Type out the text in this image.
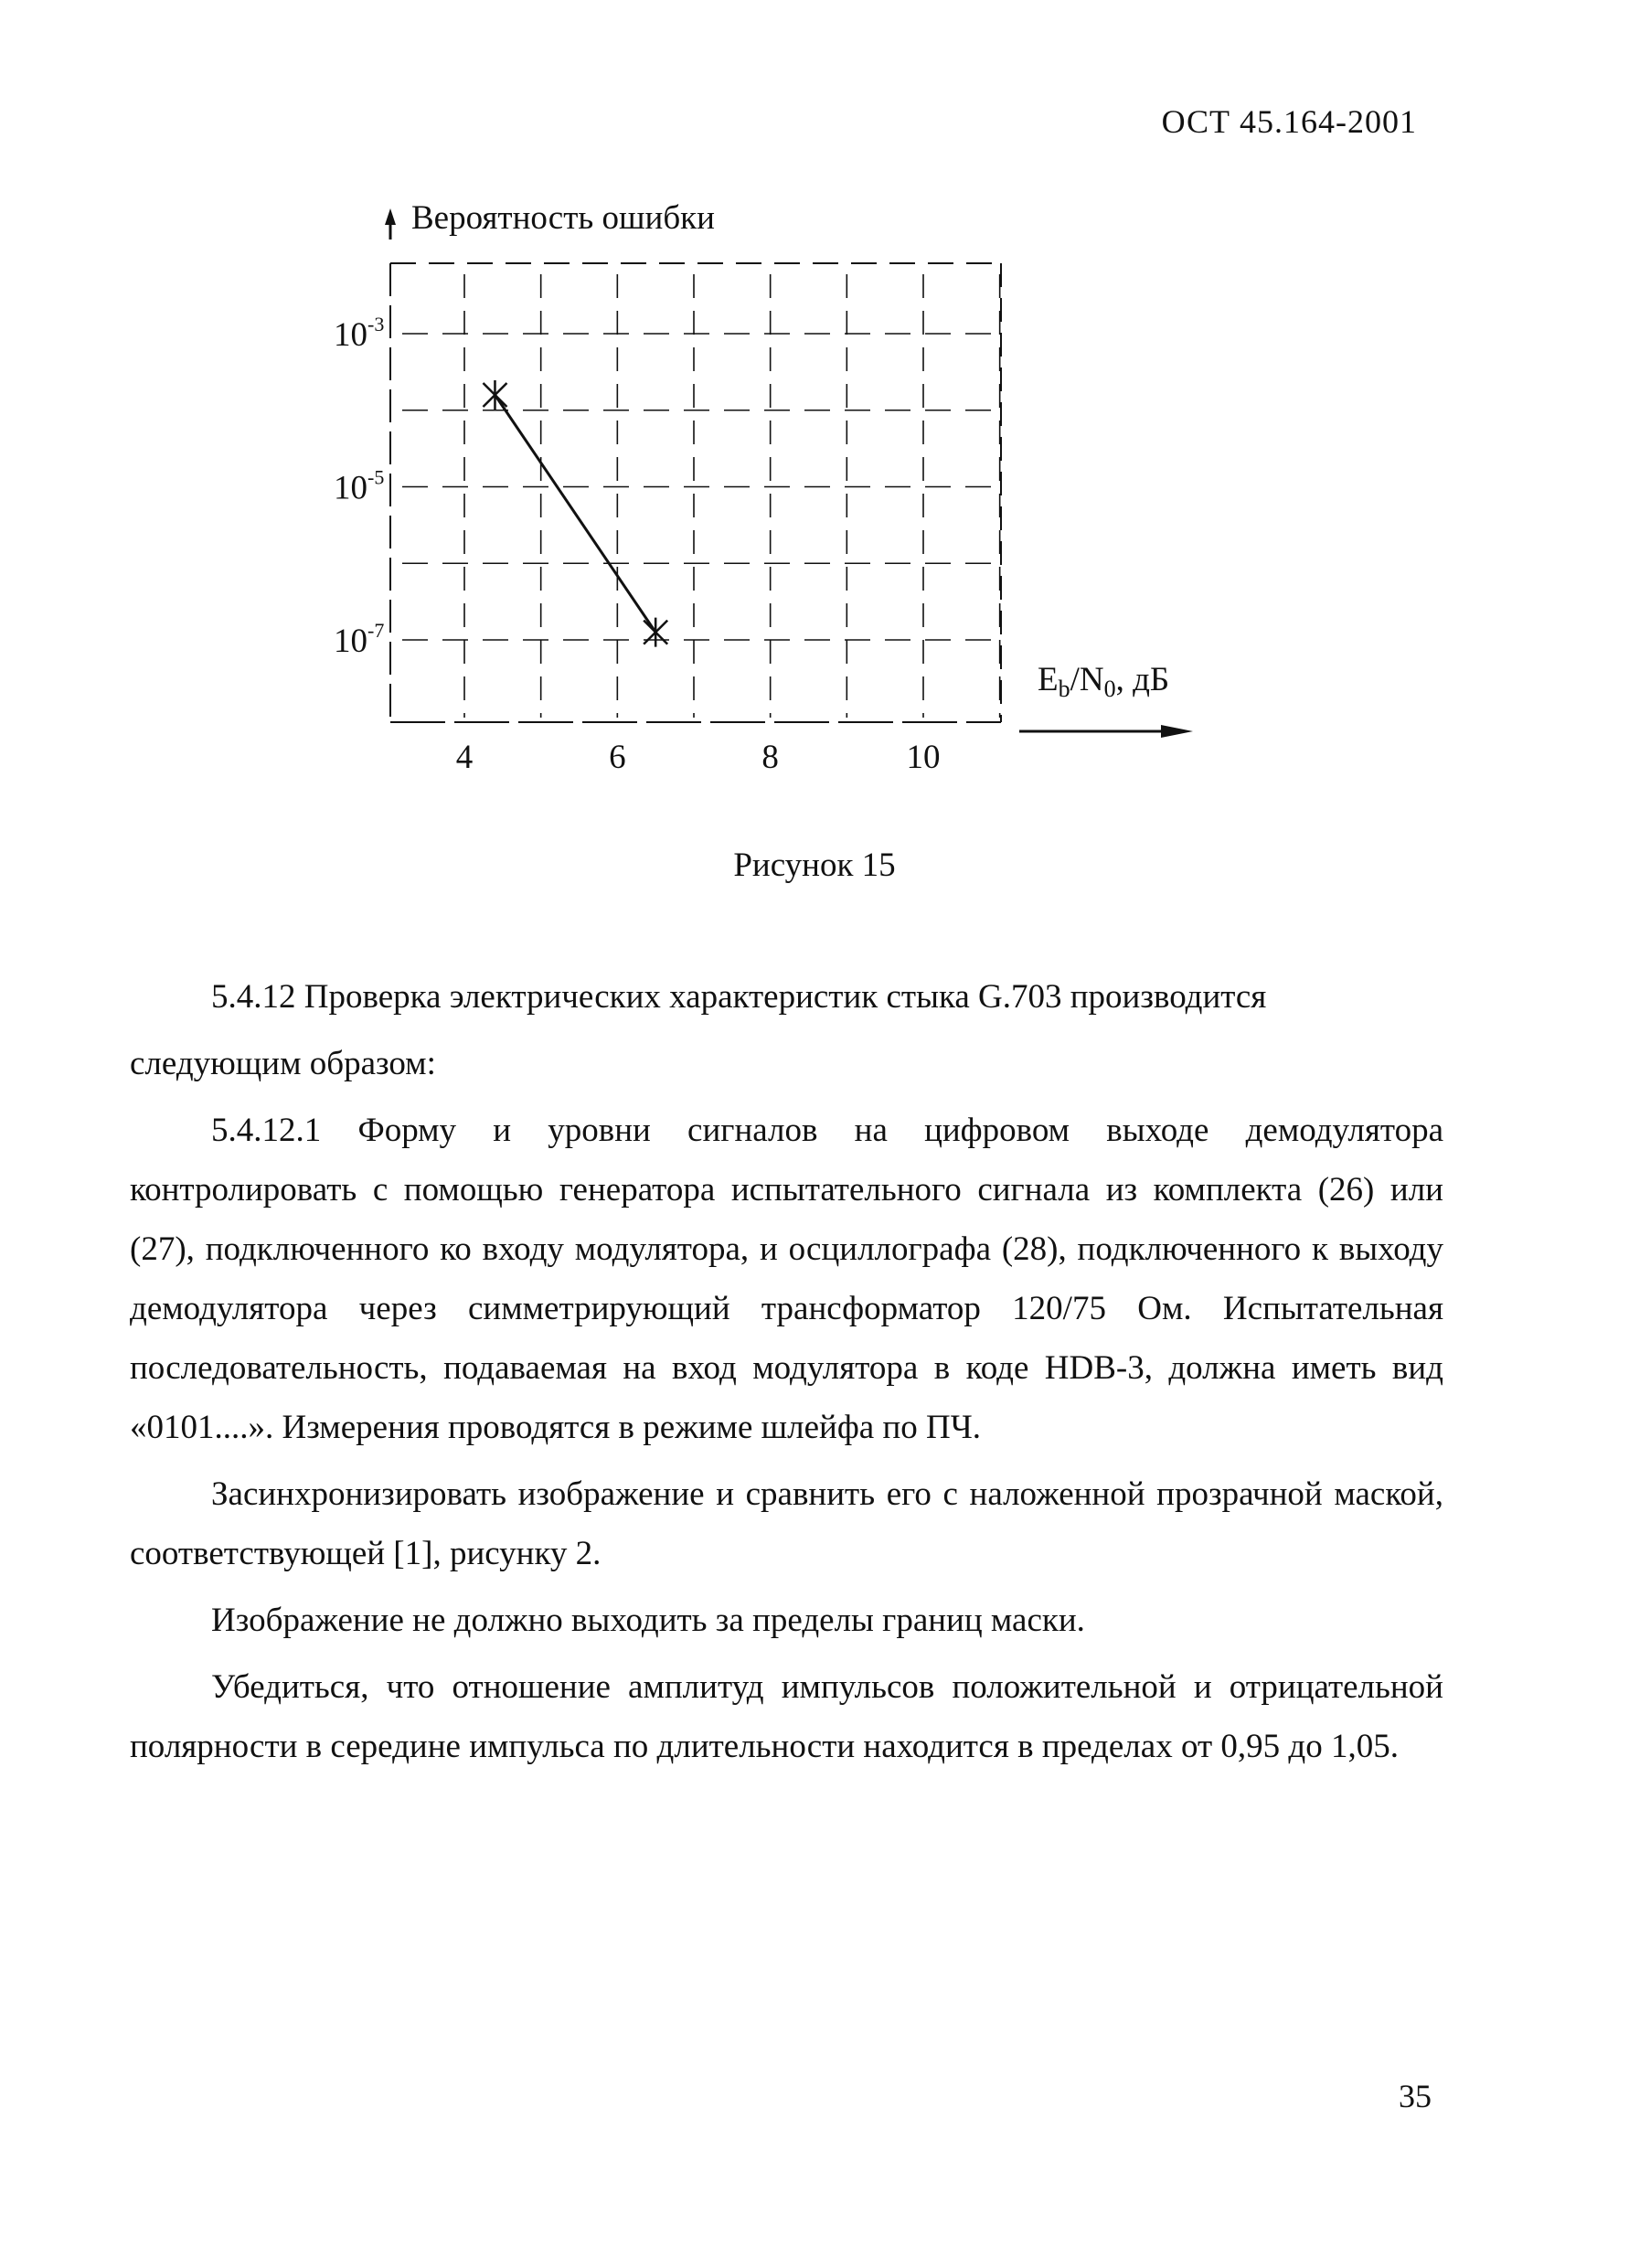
ОСТ 45.164-2001
Вероятность ошибки
$10^{-3}$
$10^{-5}$
$10^{-7}$
4	6	8	10
Eb/N0, дБ
Рисунок 15

5.4.12 Проверка электрических характеристик стыка G.703 производится

следующим образом:

5.4.12.1 Форму и уровни сигналов на цифровом выходе демодулятора контролировать с помощью генератора испытательного сигнала из комплекта (26) или (27), подключенного ко входу модулятора, и осциллографа (28), подключенного к выходу демодулятора через симметрирующий трансформатор 120/75 Ом. Испытательная последовательность, подаваемая на вход модулятора в коде HDB-3, должна иметь вид «0101....». Измерения проводятся в режиме шлейфа по ПЧ.

Засинхронизировать изображение и сравнить его с наложенной прозрачной маской, соответствующей [1], рисунку 2.

Изображение не должно выходить за пределы границ маски.

Убедиться, что отношение амплитуд импульсов положительной и отрицательной полярности в середине импульса по длительности находится в пределах от 0,95 до 1,05.

35
